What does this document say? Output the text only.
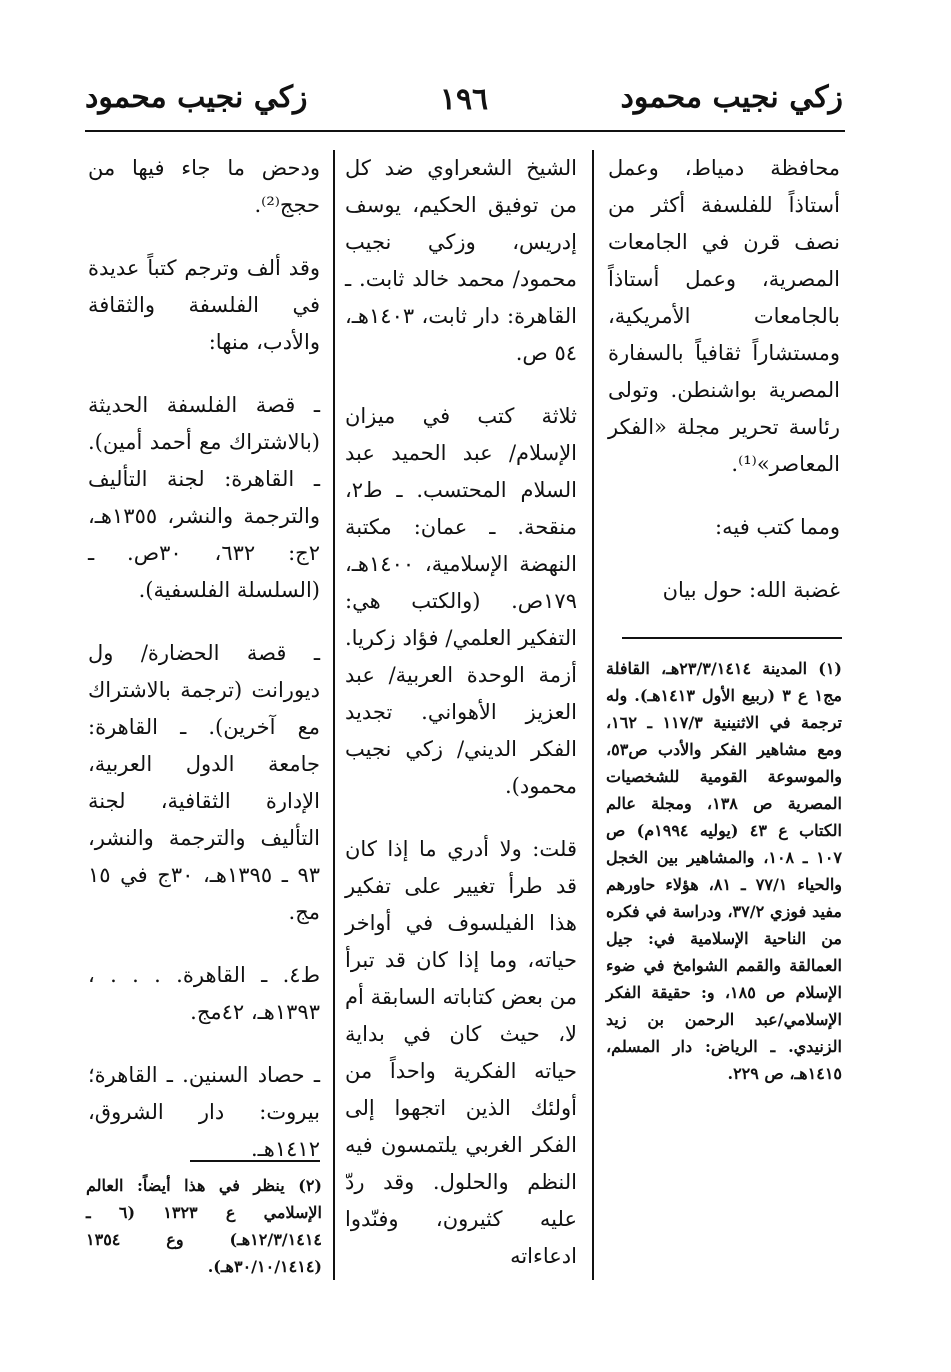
زكي نجيب محمود
١٩٦
زكي نجيب محمود

محافظة دمياط، وعمل أستاذاً للفلسفة أكثر من نصف قرن في الجامعات المصرية، وعمل أستاذاً بالجامعات الأمريكية، ومستشاراً ثقافياً بالسفارة المصرية بواشنطن. وتولى رئاسة تحرير مجلة «الفكر المعاصر»⁽¹⁾.

ومما كتب فيه:

غضبة الله: حول بيان

الشيخ الشعراوي ضد كل من توفيق الحكيم، يوسف إدريس، وزكي نجيب محمود/ محمد خالد ثابت. ـ القاهرة: دار ثابت، ١٤٠٣هـ، ٥٤ ص.

ثلاثة كتب في ميزان الإسلام/ عبد الحميد عبد السلام المحتسب. ـ ط٢، منقحة. ـ عمان: مكتبة النهضة الإسلامية، ١٤٠٠هـ، ١٧٩ص. (والكتب هي: التفكير العلمي/ فؤاد زكريا. أزمة الوحدة العربية/ عبد العزيز الأهواني. تجديد الفكر الديني/ زكي نجيب محمود).

قلت: ولا أدري ما إذا كان قد طرأ تغيير على تفكير هذا الفيلسوف في أواخر حياته، وما إذا كان قد تبرأ من بعض كتاباته السابقة أم لا، حيث كان في بداية حياته الفكرية واحداً من أولئك الذين اتجهوا إلى الفكر الغربي يلتمسون فيه النظم والحلول. وقد ردّ عليه كثيرون، وفنّدوا ادعاءاته

ودحض ما جاء فيها من حجج⁽²⁾.

وقد ألف وترجم كتباً عديدة في الفلسفة والثقافة والأدب، منها:

ـ قصة الفلسفة الحديثة (بالاشتراك مع أحمد أمين). ـ القاهرة: لجنة التأليف والترجمة والنشر، ١٣٥٥هـ، ٢ج: ٦٣٢، ٣٠ص. ـ (السلسلة الفلسفية).

ـ قصة الحضارة/ ول ديورانت (ترجمة بالاشتراك مع آخرين). ـ القاهرة: جامعة الدول العربية، الإدارة الثقافية، لجنة التأليف والترجمة والنشر، ٩٣ ـ ١٣٩٥هـ، ٣٠ج في ١٥ مج.

ط٤. ـ القاهرة. . . . ، ١٣٩٣هـ، ٤٢مج.

ـ حصاد السنين. ـ القاهرة؛ بيروت: دار الشروق، ١٤١٢هـ.

(١) المدينة ٢٣/٣/١٤١٤هـ، القافلة مج١ ع ٣ (ربيع الأول ١٤١٣هـ). وله ترجمة في الاثنينية ١١٧/٣ ـ ١٦٢، ومع مشاهير الفكر والأدب ص٥٣، والموسوعة القومية للشخصيات المصرية ص ١٣٨، ومجلة عالم الكتاب ع ٤٣ (يوليه ١٩٩٤م) ص ١٠٧ ـ ١٠٨، والمشاهير بين الخجل والحياء ٧٧/١ ـ ٨١، هؤلاء حاورهم مفيد فوزي ٣٧/٢، ودراسة في فكره من الناحية الإسلامية في: جيل العمالقة والقمم الشوامخ في ضوء الإسلام ص ١٨٥، و: حقيقة الفكر الإسلامي/عبد الرحمن بن زيد الزنيدي. ـ الرياض: دار المسلم، ١٤١٥هـ، ص ٢٢٩.

(٢) ينظر في هذا أيضاً: العالم الإسلامي ع ١٣٢٣ (٦ ـ ١٢/٣/١٤١٤هـ) وع ١٣٥٤ (٣٠/١٠/١٤١٤هـ).
